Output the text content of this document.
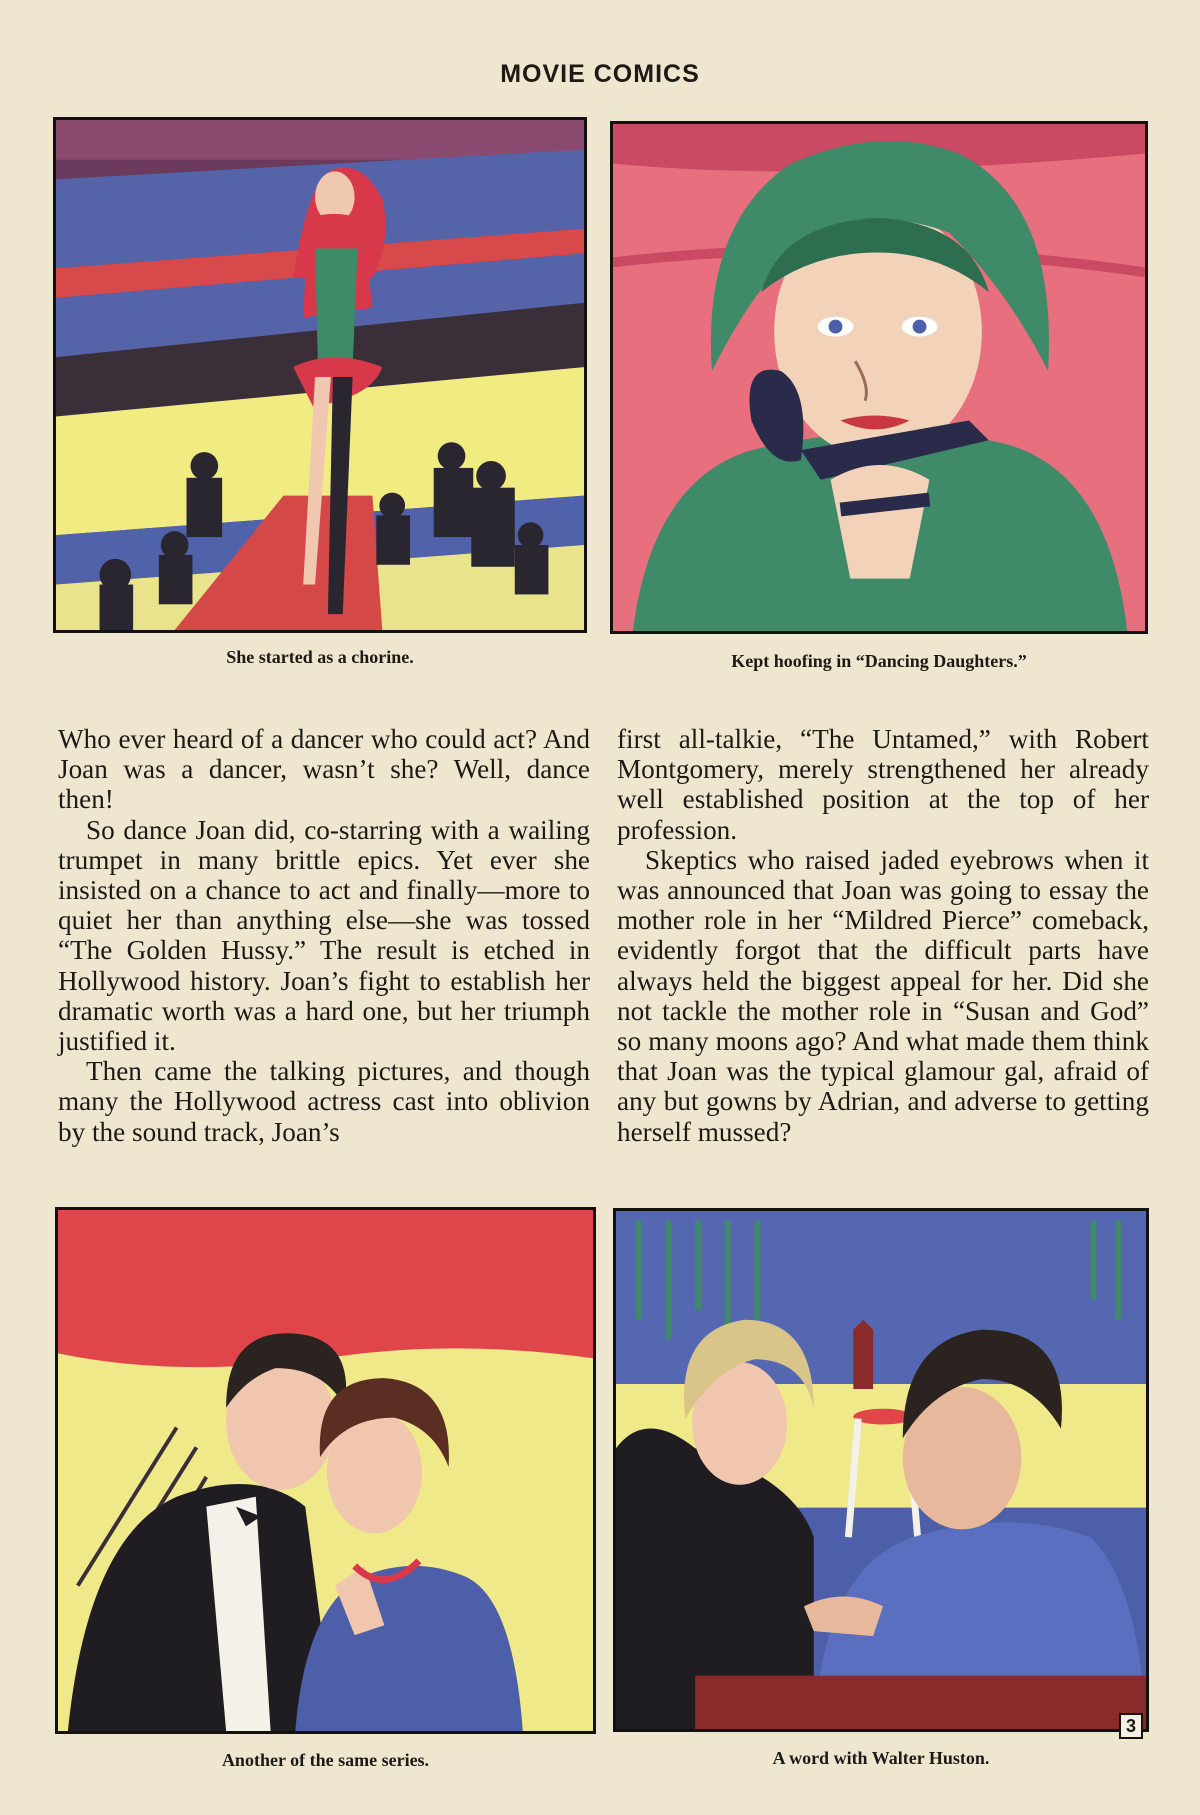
MOVIE COMICS
She started as a chorine.	Kept hoofing in “Dancing Daughters.”

Who ever heard of a dancer who could act? And Joan was a dancer, wasn’t she? Well, dance then!

So dance Joan did, co-starring with a wailing trumpet in many brittle epics. Yet ever she insisted on a chance to act and finally—more to quiet her than anything else—she was tossed “The Golden Hussy.” The result is etched in Hollywood history. Joan’s fight to establish her dramatic worth was a hard one, but her triumph justified it.

Then came the talking pictures, and though many the Hollywood actress cast into oblivion by the sound track, Joan’s

first all-talkie, “The Untamed,” with Robert Montgomery, merely strengthened her already well established position at the top of her profession.

Skeptics who raised jaded eyebrows when it was announced that Joan was going to essay the mother role in her “Mildred Pierce” comeback, evidently forgot that the difficult parts have always held the biggest appeal for her. Did she not tackle the mother role in “Susan and God” so many moons ago? And what made them think that Joan was the typical glamour gal, afraid of any but gowns by Adrian, and adverse to getting herself mussed?

Another of the same series.	A word with Walter Huston.
3
